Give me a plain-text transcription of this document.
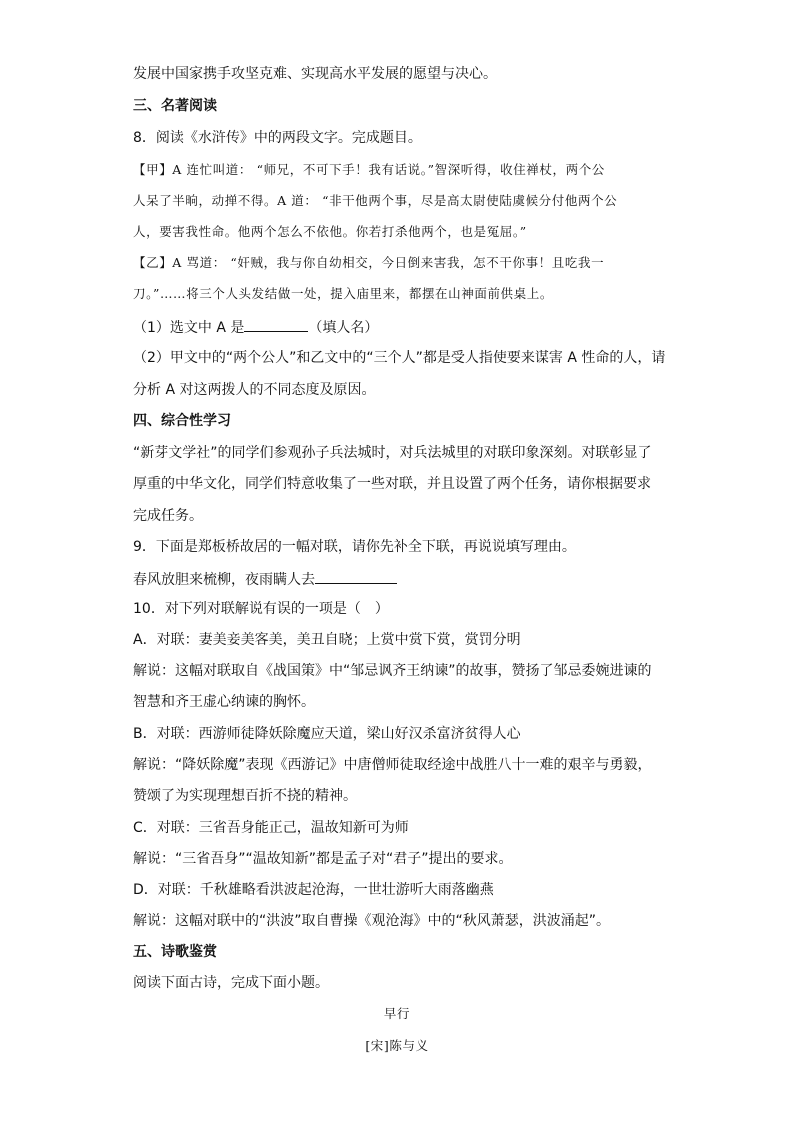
发展中国家携手攻坚克难、实现高水平发展的愿望与决心。
三、名著阅读
8．阅读《水浒传》中的两段文字。完成题目。
【甲】A 连忙叫道： “师兄，不可下手！我有话说。”智深听得，收住禅杖，两个公
人呆了半晌，动掸不得。A 道： “非干他两个事，尽是高太尉使陆虞候分付他两个公
人，要害我性命。他两个怎么不依他。你若打杀他两个，也是冤屈。”
【乙】A 骂道： “奸贼，我与你自幼相交，今日倒来害我，怎不干你事！且吃我一
刀。”……将三个人头发结做一处，提入庙里来，都摆在山神面前供桌上。
（1）选文中 A 是	（填人名）
（2）甲文中的“两个公人”和乙文中的“三个人”都是受人指使要来谋害 A 性命的人，请
分析 A 对这两拨人的不同态度及原因。
四、综合性学习
“新芽文学社”的同学们参观孙子兵法城时，对兵法城里的对联印象深刻。对联彰显了
厚重的中华文化，同学们特意收集了一些对联，并且设置了两个任务，请你根据要求
完成任务。
9．下面是郑板桥故居的一幅对联，请你先补全下联，再说说填写理由。
春风放胆来梳柳，夜雨瞒人去
10．对下列对联解说有误的一项是（　）
A．对联：妻美妾美客美，美丑自晓；上赏中赏下赏，赏罚分明
解说：这幅对联取自《战国策》中“邹忌讽齐王纳谏”的故事，赞扬了邹忌委婉进谏的
智慧和齐王虚心纳谏的胸怀。
B．对联：西游师徒降妖除魔应天道，梁山好汉杀富济贫得人心
解说：“降妖除魔”表现《西游记》中唐僧师徒取经途中战胜八十一难的艰辛与勇毅，
赞颂了为实现理想百折不挠的精神。
C．对联：三省吾身能正己，温故知新可为师
解说：“三省吾身”“温故知新”都是孟子对“君子”提出的要求。
D．对联：千秋雄略看洪波起沧海，一世壮游听大雨落幽燕
解说：这幅对联中的“洪波”取自曹操《观沧海》中的“秋风萧瑟，洪波涌起”。
五、诗歌鉴赏
阅读下面古诗，完成下面小题。
早行
[宋]陈与义
